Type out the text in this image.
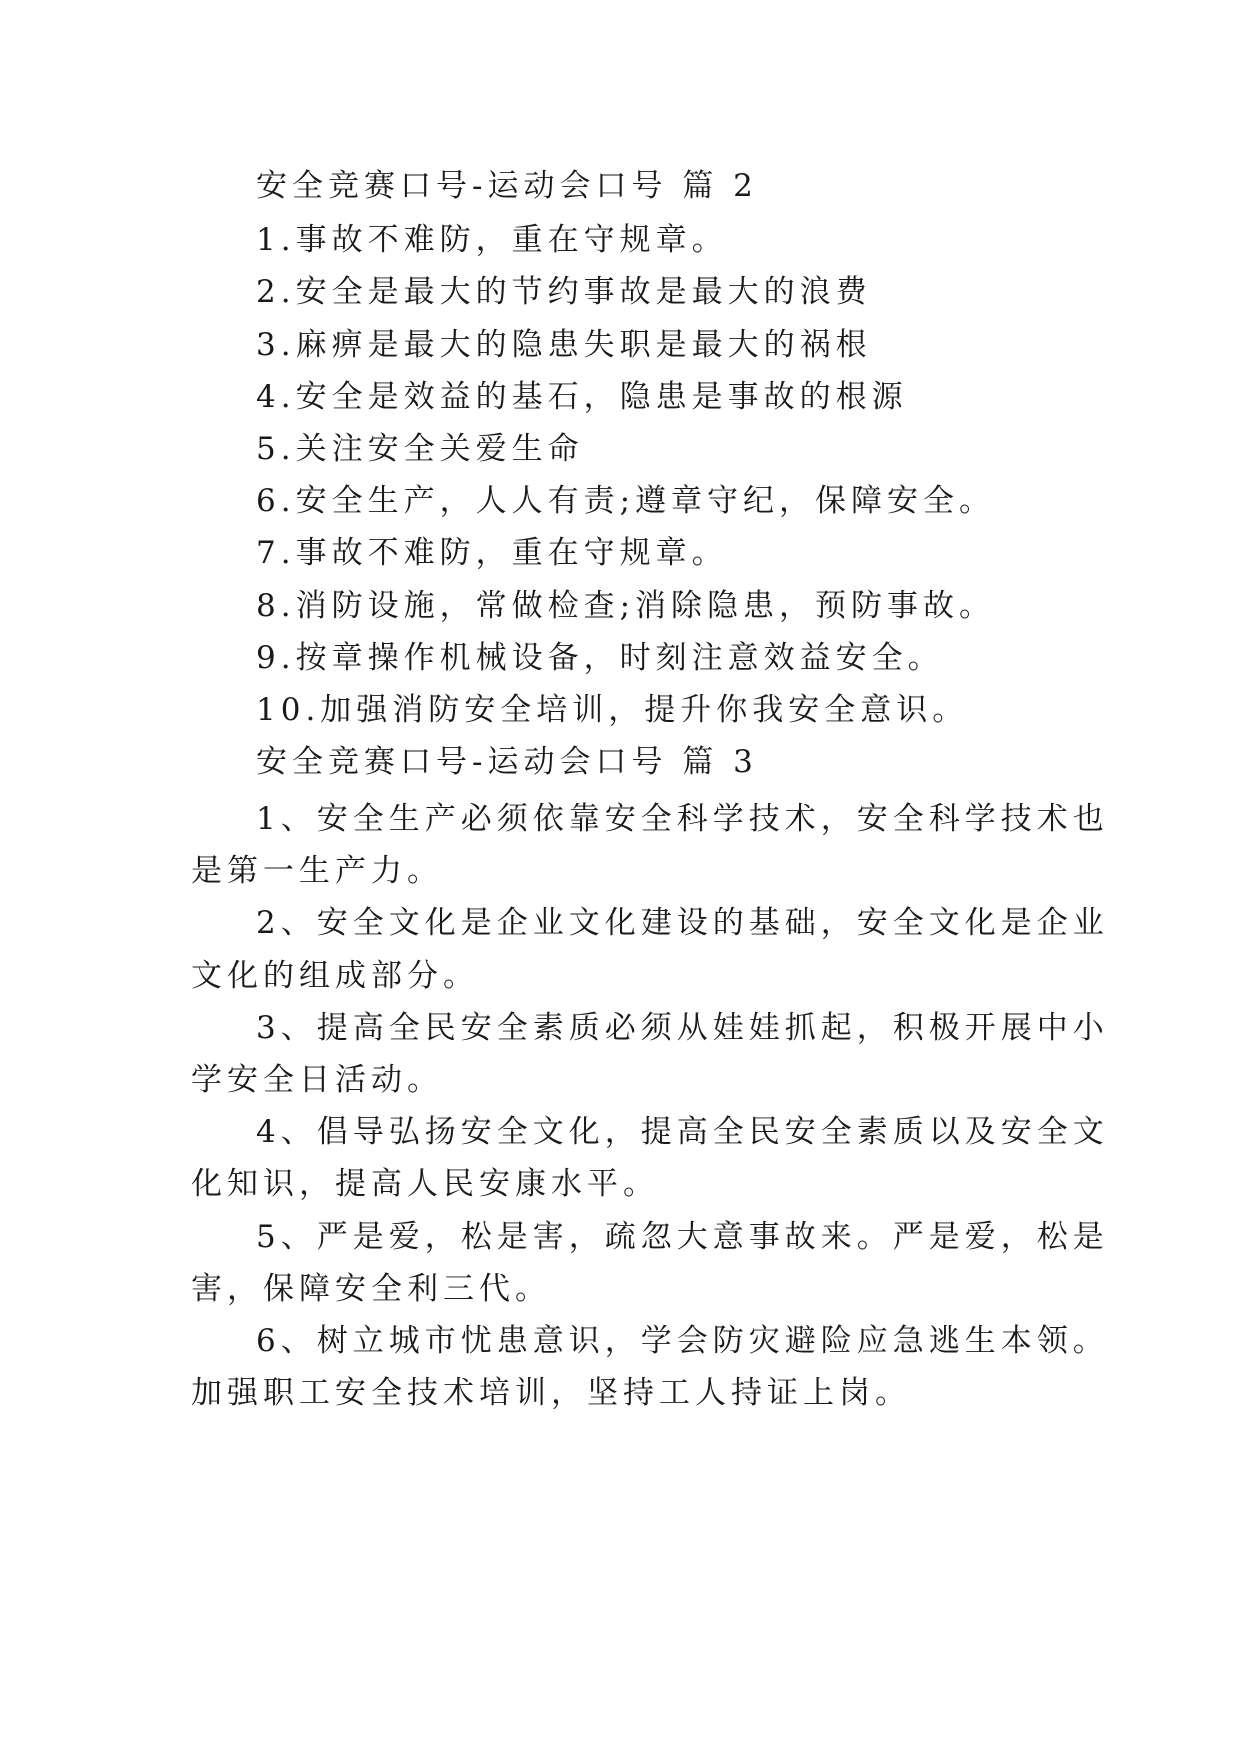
安全竞赛口号-运动会口号 篇 2
1.事故不难防，重在守规章。
2.安全是最大的节约事故是最大的浪费
3.麻痹是最大的隐患失职是最大的祸根
4.安全是效益的基石，隐患是事故的根源
5.关注安全关爱生命
6.安全生产，人人有责;遵章守纪，保障安全。
7.事故不难防，重在守规章。
8.消防设施，常做检查;消除隐患，预防事故。
9.按章操作机械设备，时刻注意效益安全。
10.加强消防安全培训，提升你我安全意识。
安全竞赛口号-运动会口号 篇 3
1、安全生产必须依靠安全科学技术，安全科学技术也
是第一生产力。
2、安全文化是企业文化建设的基础，安全文化是企业
文化的组成部分。
3、提高全民安全素质必须从娃娃抓起，积极开展中小
学安全日活动。
4、倡导弘扬安全文化，提高全民安全素质以及安全文
化知识，提高人民安康水平。
5、严是爱，松是害，疏忽大意事故来。严是爱，松是
害，保障安全利三代。
6、树立城市忧患意识，学会防灾避险应急逃生本领。
加强职工安全技术培训，坚持工人持证上岗。
